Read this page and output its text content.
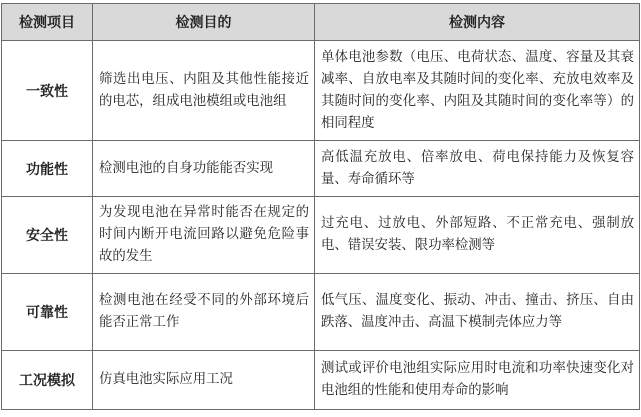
检测项目	检测目的	检测内容
一致性	筛选出电压、内阻及其他性能接近的电芯，组成电池模组或电池组	单体电池参数（电压、电荷状态、温度、容量及其衰减率、自放电率及其随时间的变化率、充放电效率及其随时间的变化率、内阻及其随时间的变化率等）的相同程度
功能性	检测电池的自身功能能否实现	高低温充放电、倍率放电、荷电保持能力及恢复容量、寿命循环等
安全性	为发现电池在异常时能否在规定的时间内断开电流回路以避免危险事故的发生	过充电、过放电、外部短路、不正常充电、强制放电、错误安装、限功率检测等
可靠性	检测电池在经受不同的外部环境后能否正常工作	低气压、温度变化、振动、冲击、撞击、挤压、自由跌落、温度冲击、高温下模制壳体应力等
工况模拟	仿真电池实际应用工况	测试或评价电池组实际应用时电流和功率快速变化对电池组的性能和使用寿命的影响
